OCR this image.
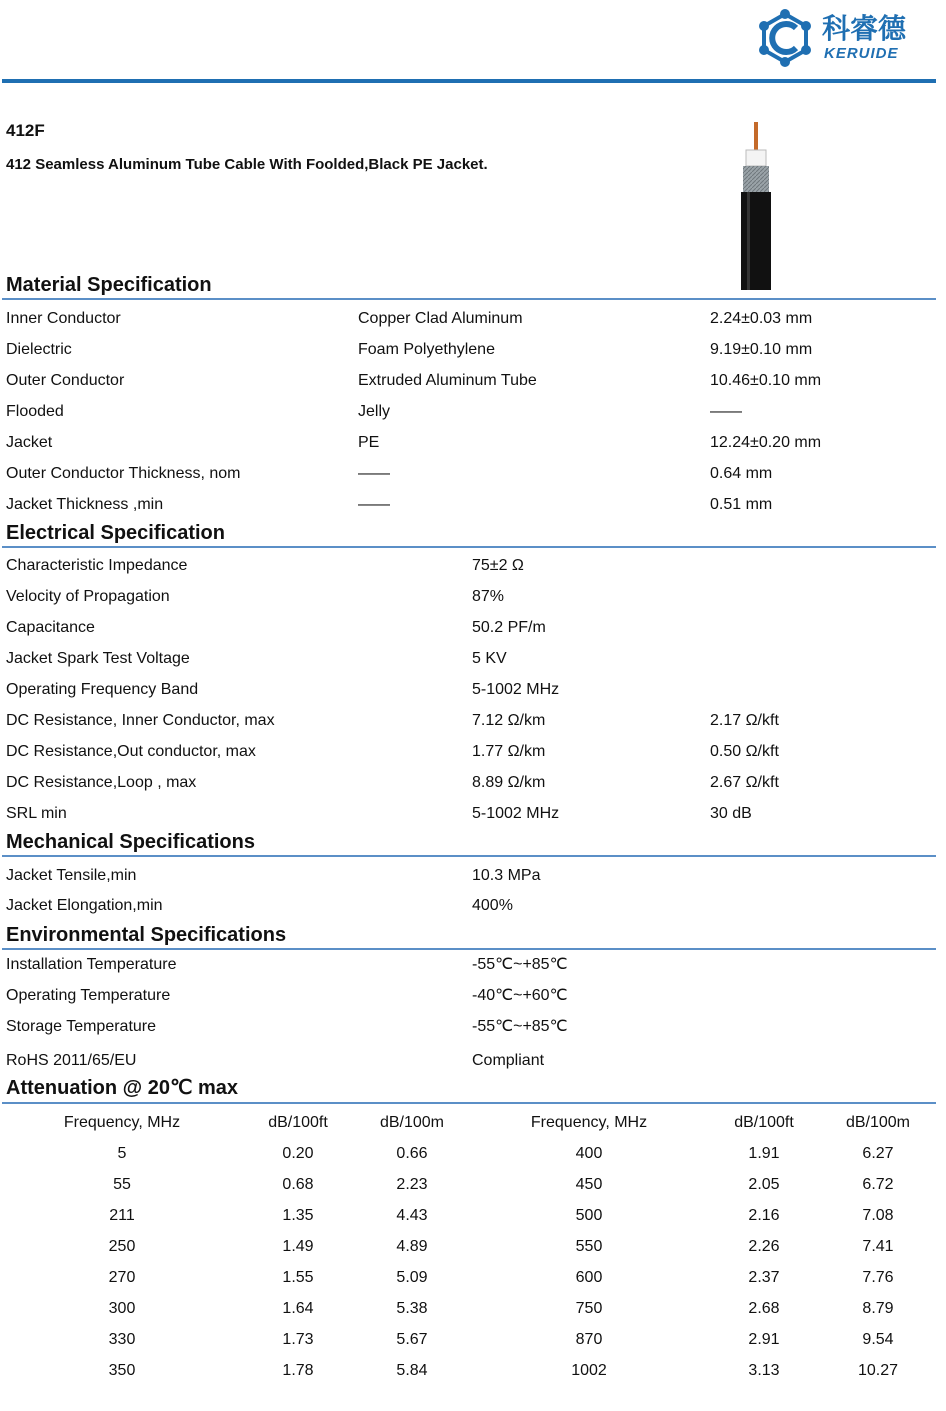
科睿德
KERUIDE
412F
412 Seamless Aluminum Tube Cable With Foolded,Black PE Jacket.
Material Specification
Inner Conductor	Copper Clad Aluminum	2.24±0.03 mm
Dielectric	Foam Polyethylene	9.19±0.10 mm
Outer Conductor	Extruded Aluminum Tube	10.46±0.10 mm
Flooded	Jelly	——
Jacket	PE	12.24±0.20 mm
Outer Conductor Thickness, nom	——	0.64 mm
Jacket Thickness ,min	——	0.51 mm
Electrical Specification
Characteristic Impedance	75±2 Ω
Velocity of Propagation	87%
Capacitance	50.2 PF/m
Jacket Spark Test Voltage	5 KV
Operating Frequency Band	5-1002 MHz
DC Resistance, Inner Conductor, max	7.12 Ω/km	2.17 Ω/kft
DC Resistance,Out conductor, max	1.77 Ω/km	0.50 Ω/kft
DC Resistance,Loop , max	8.89 Ω/km	2.67 Ω/kft
SRL min	5-1002 MHz	30 dB
Mechanical Specifications
Jacket Tensile,min	10.3 MPa
Jacket Elongation,min	400%
Environmental Specifications
Installation Temperature	-55℃~+85℃
Operating Temperature	-40℃~+60℃
Storage Temperature	-55℃~+85℃
RoHS 2011/65/EU	Compliant
Attenuation @ 20℃ max
Frequency, MHz	dB/100ft	dB/100m	Frequency, MHz	dB/100ft	dB/100m
5	0.20	0.66	400	1.91	6.27
55	0.68	2.23	450	2.05	6.72
211	1.35	4.43	500	2.16	7.08
250	1.49	4.89	550	2.26	7.41
270	1.55	5.09	600	2.37	7.76
300	1.64	5.38	750	2.68	8.79
330	1.73	5.67	870	2.91	9.54
350	1.78	5.84	1002	3.13	10.27
